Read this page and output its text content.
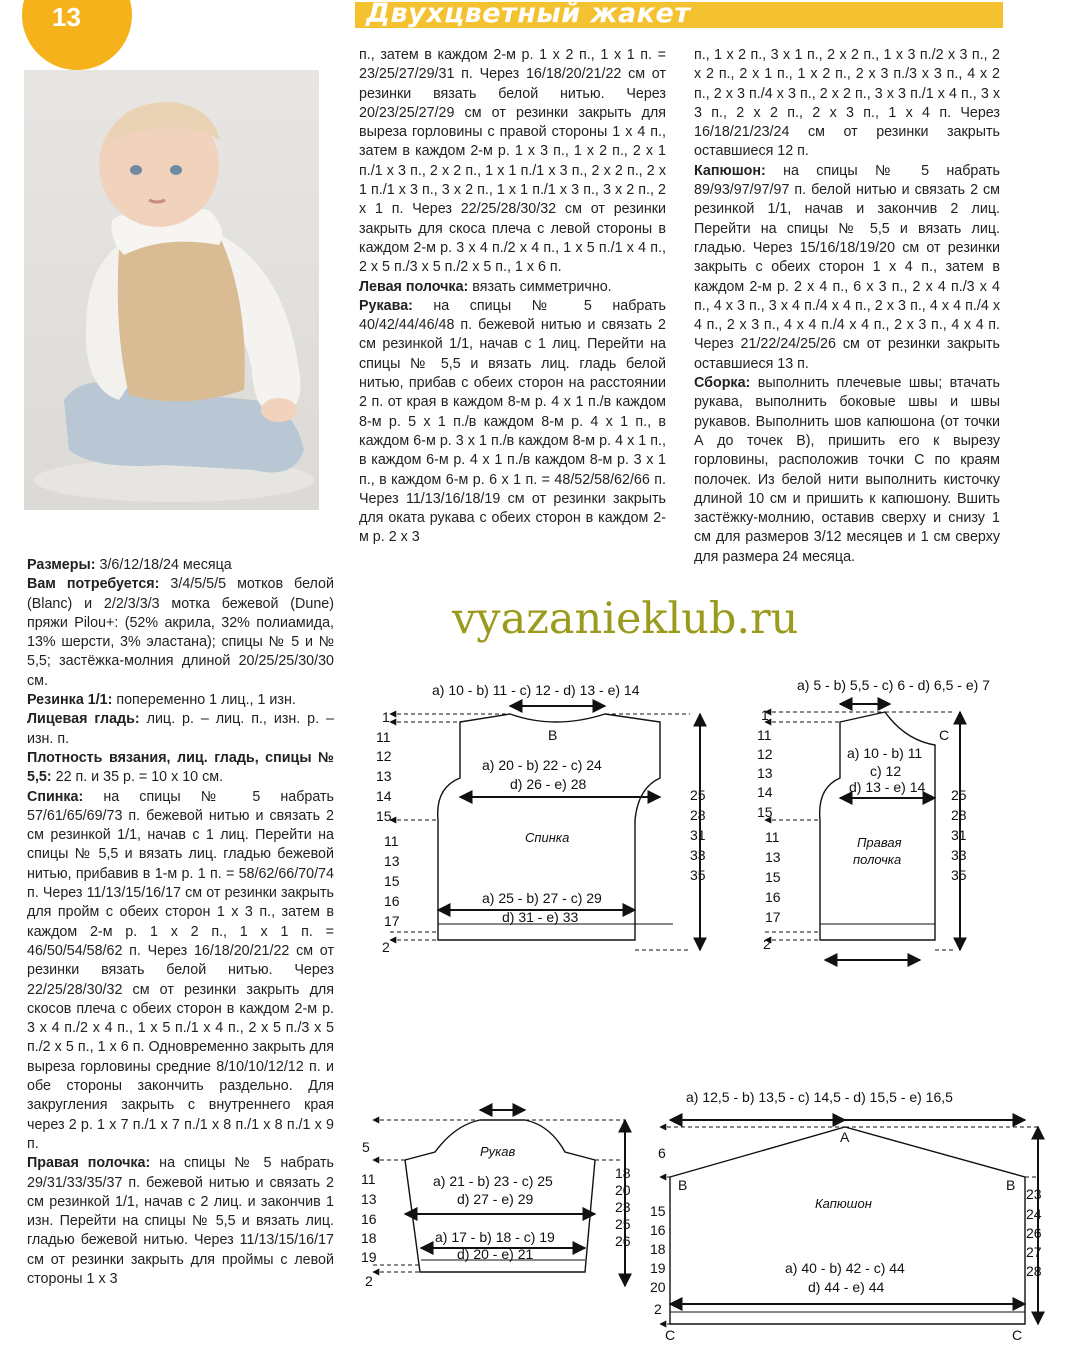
13	Двухцветный жакет

Размеры: 3/6/12/18/24 месяца

Вам потребуется: 3/4/5/5/5 мотков белой (Blanc) и 2/2/3/3/3 мотка бежевой (Dune) пряжи Pilou+: (52% акрила, 32% полиамида, 13% шерсти, 3% эластана); спицы № 5 и № 5,5; застёжка-молния длиной 20/25/25/30/30 см.

Резинка 1/1: попеременно 1 лиц., 1 изн.

Лицевая гладь: лиц. р. – лиц. п., изн. р. – изн. п.

Плотность вязания, лиц. гладь, спицы № 5,5: 22 п. и 35 р. = 10 x 10 см.

Спинка: на спицы № 5 набрать 57/61/65/69/73 п. бежевой нитью и связать 2 см резинкой 1/1, начав с 1 лиц. Перейти на спицы № 5,5 и вязать лиц. гладью бежевой нитью, прибавив в 1-м р. 1 п. = 58/62/66/70/74 п. Через 11/13/15/16/17 см от резинки закрыть для пройм с обеих сторон 1 x 3 п., затем в каждом 2-м р. 1 x 2 п., 1 x 1 п. = 46/50/54/58/62 п. Через 16/18/20/21/22 см от резинки вязать белой нитью. Через 22/25/28/30/32 см от резинки закрыть для скосов плеча с обеих сторон в каждом 2-м р. 3 x 4 п./2 x 4 п., 1 x 5 п./1 x 4 п., 2 x 5 п./3 x 5 п./2 x 5 п., 1 x 6 п. Одновременно закрыть для выреза горловины средние 8/10/10/12/12 п. и обе стороны закончить раздельно. Для закругления закрыть с внутреннего края через 2 р. 1 x 7 п./1 x 7 п./1 x 8 п./1 x 8 п./1 x 9 п.

Правая полочка: на спицы № 5 набрать 29/31/33/35/37 п. бежевой нитью и связать 2 см резинкой 1/1, начав с 2 лиц. и закончив 1 изн. Перейти на спицы № 5,5 и вязать лиц. гладью бежевой нитью. Через 11/13/15/16/17 см от резинки закрыть для проймы с левой стороны 1 x 3

п., затем в каждом 2-м р. 1 x 2 п., 1 x 1 п. = 23/25/27/29/31 п. Через 16/18/20/21/22 см от резинки вязать белой нитью. Через 20/23/25/27/29 см от резинки закрыть для выреза горловины с правой стороны 1 x 4 п., затем в каждом 2-м р. 1 x 3 п., 1 x 2 п., 2 x 1 п./1 x 3 п., 2 x 2 п., 1 x 1 п./1 x 3 п., 2 x 2 п., 2 x 1 п./1 x 3 п., 3 x 2 п., 1 x 1 п./1 x 3 п., 3 x 2 п., 2 x 1 п. Через 22/25/28/30/32 см от резинки закрыть для скоса плеча с левой стороны в каждом 2-м р. 3 x 4 п./2 x 4 п., 1 x 5 п./1 x 4 п., 2 x 5 п./3 x 5 п./2 x 5 п., 1 x 6 п.

Левая полочка: вязать симметрично.

Рукава: на спицы № 5 набрать 40/42/44/46/48 п. бежевой нитью и связать 2 см резинкой 1/1, начав с 1 лиц. Перейти на спицы № 5,5 и вязать лиц. гладь белой нитью, прибав с обеих сторон на расстоянии 2 п. от края в каждом 8-м р. 4 x 1 п./в каждом 8-м р. 5 x 1 п./в каждом 8-м р. 4 x 1 п., в каждом 6-м р. 3 x 1 п./в каждом 8-м р. 4 x 1 п., в каждом 6-м р. 4 x 1 п./в каждом 8-м р. 3 x 1 п., в каждом 6-м р. 6 x 1 п. = 48/52/58/62/66 п. Через 11/13/16/18/19 см от резинки закрыть для оката рукава с обеих сторон в каждом 2-м р. 2 x 3

п., 1 x 2 п., 3 x 1 п., 2 x 2 п., 1 x 3 п./2 x 3 п., 2 x 2 п., 2 x 1 п., 1 x 2 п., 2 x 3 п./3 x 3 п., 4 x 2 п., 2 x 3 п./4 x 3 п., 2 x 2 п., 3 x 3 п./1 x 4 п., 3 x 3 п., 2 x 2 п., 2 x 3 п., 1 x 4 п. Через 16/18/21/23/24 см от резинки закрыть оставшиеся 12 п.

Капюшон: на спицы № 5 набрать 89/93/97/97/97 п. белой нитью и связать 2 см резинкой 1/1, начав и закончив 2 лиц. Перейти на спицы № 5,5 и вязать лиц. гладью. Через 15/16/18/19/20 см от резинки закрыть с обеих сторон 1 x 4 п., затем в каждом 2-м р. 2 x 4 п., 6 x 3 п., 2 x 4 п./3 x 4 п., 4 x 3 п., 3 x 4 п./4 x 4 п., 2 x 3 п., 4 x 4 п./4 x 4 п., 2 x 3 п., 4 x 4 п./4 x 4 п., 2 x 3 п., 4 x 4 п. Через 21/22/24/25/26 см от резинки закрыть оставшиеся 13 п.

Сборка: выполнить плечевые швы; втачать рукава, выполнить боковые швы и швы рукавов. Выполнить шов капюшона (от точки А до точек В), пришить его к вырезу горловины, расположив точки С по краям полочек. Из белой нити выполнить кисточку длиной 10 см и пришить к капюшону. Вшить застёжку-молнию, оставив сверху и снизу 1 см для размеров 3/12 месяцев и 1 см сверху для размера 24 месяца.

vyazanieklub.ru
a) 10 - b) 11 - c) 12 - d) 13 - e) 14
B
a) 20 - b) 22 - c) 24
d) 26 - e) 28
Спинка
a) 25 - b) 27 - c) 29
d) 31 - e) 33
1
11
12
13
14
15
11
13
15
16
17
2
25
28
31
33
35
a) 5 - b) 5,5 - c) 6 - d) 6,5 - e) 7
C
a) 10 - b) 11
c) 12
d) 13 - e) 14
Правая
полочка
1
11
12
13
14
15
11
13
15
16
17
2
25
28
31
33
35
Рукав
5
a) 21 - b) 23 - c) 25
d) 27 - e) 29
a) 17 - b) 18 - c) 19
d) 20 - e) 21
11
13
16
18
19
2
18
20
23
25
26
a) 12,5 - b) 13,5 - c) 14,5 - d) 15,5 - e) 16,5
A
B	B
Капюшон
a) 40 - b) 42 - c) 44
d) 44 - e) 44
C	C
6
15
16
18
19
20
2
23
24
26
27
28
